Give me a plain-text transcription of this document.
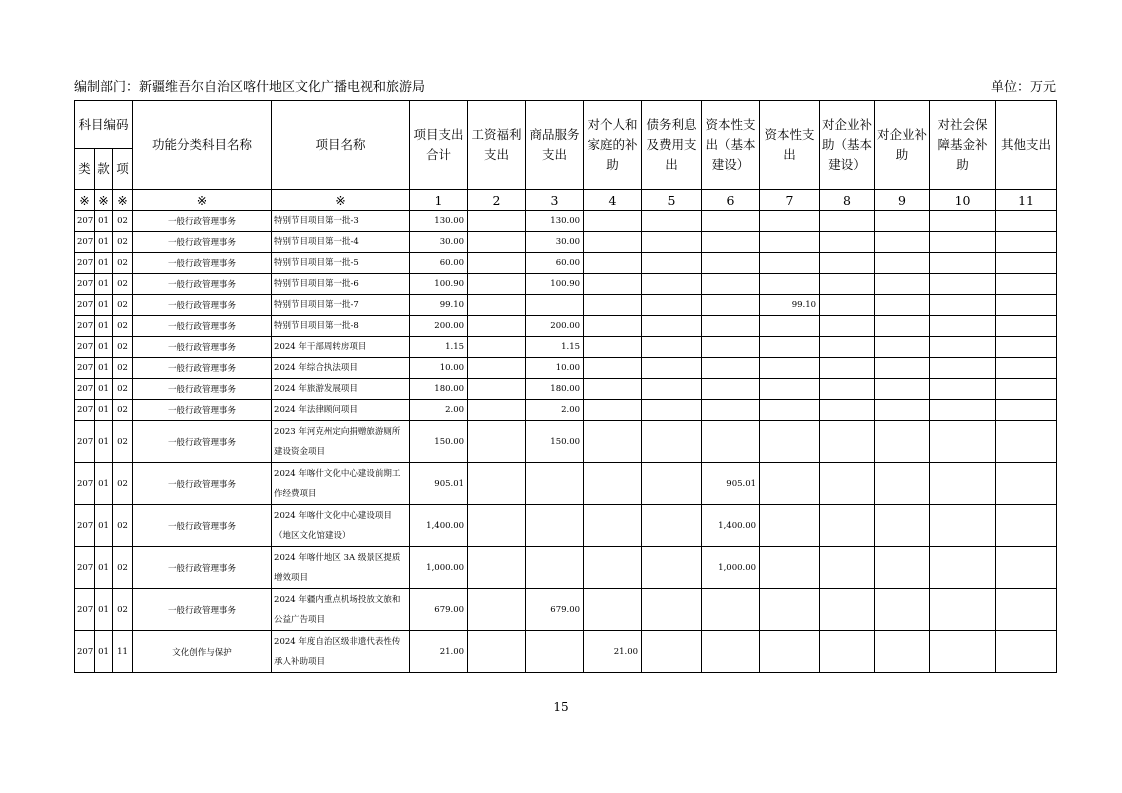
编制部门：新疆维吾尔自治区喀什地区文化广播电视和旅游局	单位：万元
科目编码			功能分类科目名称	项目名称	项目支出合计	工资福利支出	商品服务支出	对个人和家庭的补助	债务利息及费用支出	资本性支出（基本建设）	资本性支出	对企业补助（基本建设）	对企业补助	对社会保障基金补助	其他支出
类	款	项													
※	※	※	※	※	1	2	3	4	5	6	7	8	9	10	11
207	01	02	一般行政管理事务	特别节目项目第一批-3	130.00		130.00								
207	01	02	一般行政管理事务	特别节目项目第一批-4	30.00		30.00								
207	01	02	一般行政管理事务	特别节目项目第一批-5	60.00		60.00								
207	01	02	一般行政管理事务	特别节目项目第一批-6	100.90		100.90								
207	01	02	一般行政管理事务	特别节目项目第一批-7	99.10						99.10				
207	01	02	一般行政管理事务	特别节目项目第一批-8	200.00		200.00								
207	01	02	一般行政管理事务	2024 年干部周转房项目	1.15		1.15								
207	01	02	一般行政管理事务	2024 年综合执法项目	10.00		10.00								
207	01	02	一般行政管理事务	2024 年旅游发展项目	180.00		180.00								
207	01	02	一般行政管理事务	2024 年法律顾问项目	2.00		2.00								
207	01	02	一般行政管理事务	2023 年河克州定向捐赠旅游厕所建设资金项目	150.00		150.00								
207	01	02	一般行政管理事务	2024 年喀什文化中心建设前期工作经费项目	905.01					905.01					
207	01	02	一般行政管理事务	2024 年喀什文化中心建设项目（地区文化馆建设）	1,400.00					1,400.00					
207	01	02	一般行政管理事务	2024 年喀什地区 3A 级景区提质增效项目	1,000.00					1,000.00					
207	01	02	一般行政管理事务	2024 年疆内重点机场投放文旅和公益广告项目	679.00		679.00								
207	01	11	文化创作与保护	2024 年度自治区级非遗代表性传承人补助项目	21.00			21.00							
15
